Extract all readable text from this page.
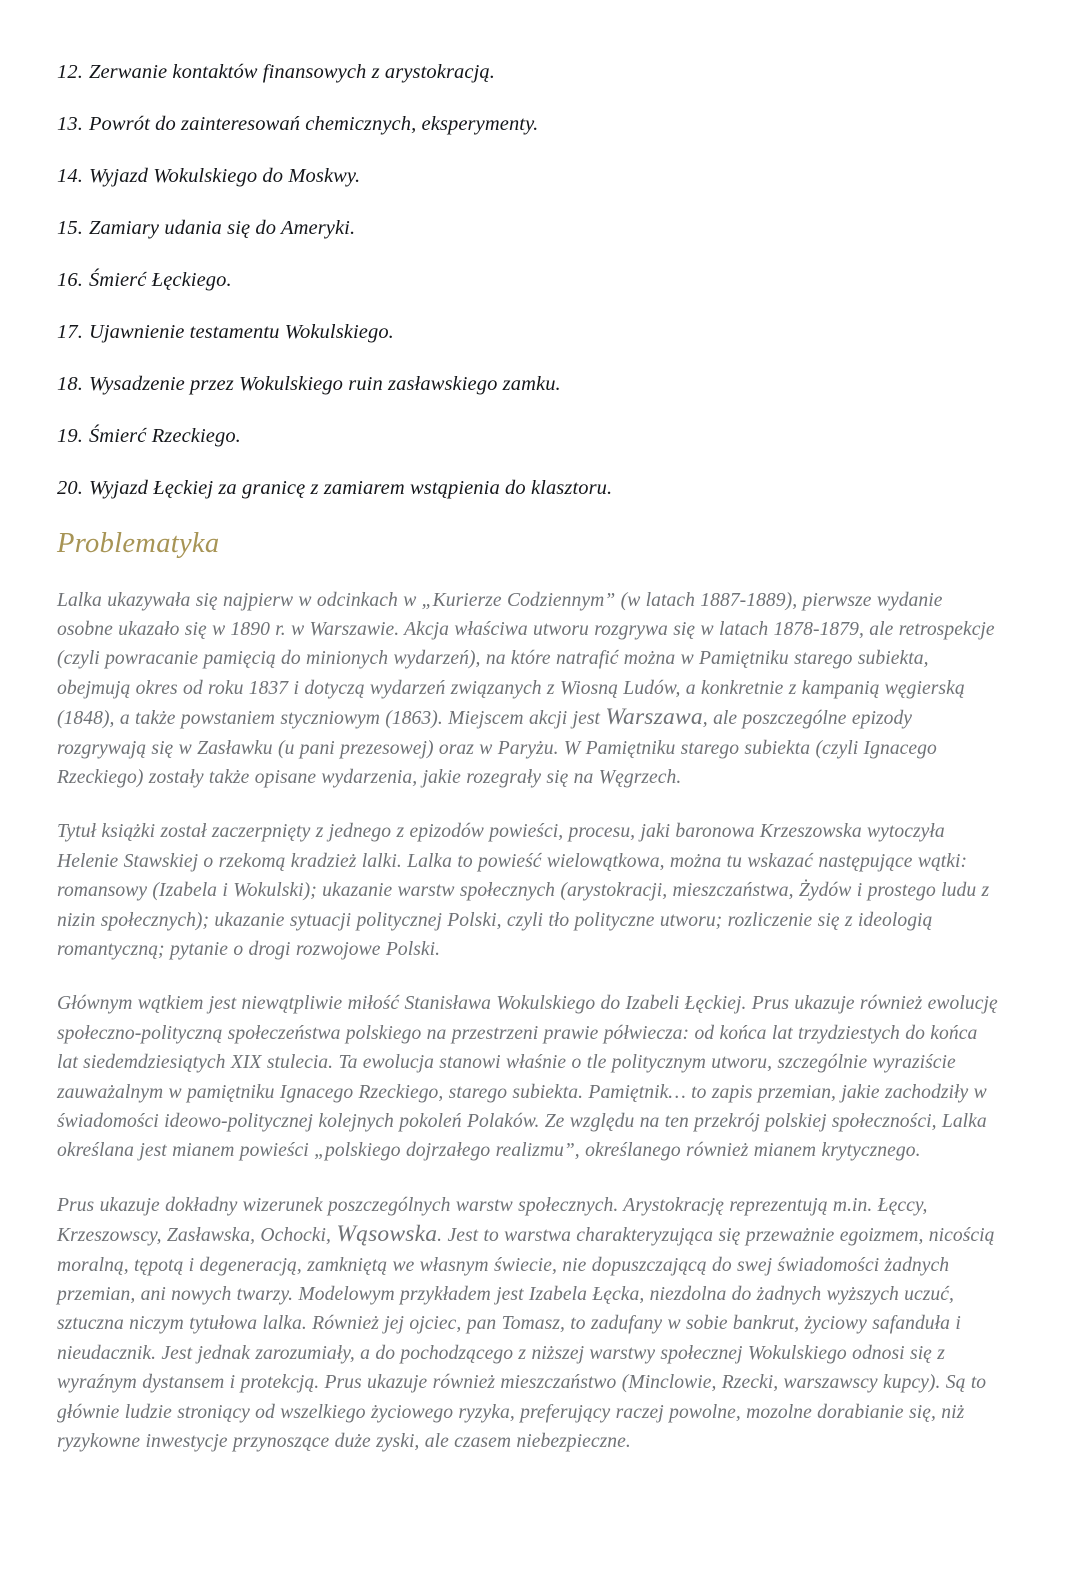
12. Zerwanie kontaktów finansowych z arystokracją.
13. Powrót do zainteresowań chemicznych, eksperymenty.
14. Wyjazd Wokulskiego do Moskwy.
15. Zamiary udania się do Ameryki.
16. Śmierć Łęckiego.
17. Ujawnienie testamentu Wokulskiego.
18. Wysadzenie przez Wokulskiego ruin zasławskiego zamku.
19. Śmierć Rzeckiego.
20. Wyjazd Łęckiej za granicę z zamiarem wstąpienia do klasztoru.
Problematyka

Lalka ukazywała się najpierw w odcinkach w „Kurierze Codziennym” (w latach 1887-1889), pierwsze wydanie osobne ukazało się w 1890 r. w Warszawie. Akcja właściwa utworu rozgrywa się w latach 1878-1879, ale retrospekcje (czyli powracanie pamięcią do minionych wydarzeń), na które natrafić można w Pamiętniku starego subiekta, obejmują okres od roku 1837 i dotyczą wydarzeń związanych z Wiosną Ludów, a konkretnie z kampanią węgierską (1848), a także powstaniem styczniowym (1863). Miejscem akcji jest Warszawa, ale poszczególne epizody rozgrywają się w Zasławku (u pani prezesowej) oraz w Paryżu. W Pamiętniku starego subiekta (czyli Ignacego Rzeckiego) zostały także opisane wydarzenia, jakie rozegrały się na Węgrzech.

Tytuł książki został zaczerpnięty z jednego z epizodów powieści, procesu, jaki baronowa Krzeszowska wytoczyła Helenie Stawskiej o rzekomą kradzież lalki. Lalka to powieść wielowątkowa, można tu wskazać następujące wątki: romansowy (Izabela i Wokulski); ukazanie warstw społecznych (arystokracji, mieszczaństwa, Żydów i prostego ludu z nizin społecznych); ukazanie sytuacji politycznej Polski, czyli tło polityczne utworu; rozliczenie się z ideologią romantyczną; pytanie o drogi rozwojowe Polski.

Głównym wątkiem jest niewątpliwie miłość Stanisława Wokulskiego do Izabeli Łęckiej. Prus ukazuje również ewolucję społeczno-polityczną społeczeństwa polskiego na przestrzeni prawie półwiecza: od końca lat trzydziestych do końca lat siedemdziesiątych XIX stulecia. Ta ewolucja stanowi właśnie o tle politycznym utworu, szczególnie wyraziście zauważalnym w pamiętniku Ignacego Rzeckiego, starego subiekta. Pamiętnik… to zapis przemian, jakie zachodziły w świadomości ideowo-politycznej kolejnych pokoleń Polaków. Ze względu na ten przekrój polskiej społeczności, Lalka określana jest mianem powieści „polskiego dojrzałego realizmu”, określanego również mianem krytycznego.

Prus ukazuje dokładny wizerunek poszczególnych warstw społecznych. Arystokrację reprezentują m.in. Łęccy, Krzeszowscy, Zasławska, Ochocki, Wąsowska. Jest to warstwa charakteryzująca się przeważnie egoizmem, nicością moralną, tępotą i degeneracją, zamkniętą we własnym świecie, nie dopuszczającą do swej świadomości żadnych przemian, ani nowych twarzy. Modelowym przykładem jest Izabela Łęcka, niezdolna do żadnych wyższych uczuć, sztuczna niczym tytułowa lalka. Również jej ojciec, pan Tomasz, to zadufany w sobie bankrut, życiowy safanduła i nieudacznik. Jest jednak zarozumiały, a do pochodzącego z niższej warstwy społecznej Wokulskiego odnosi się z wyraźnym dystansem i protekcją. Prus ukazuje również mieszczaństwo (Minclowie, Rzecki, warszawscy kupcy). Są to głównie ludzie stroniący od wszelkiego życiowego ryzyka, preferujący raczej powolne, mozolne dorabianie się, niż ryzykowne inwestycje przynoszące duże zyski, ale czasem niebezpieczne.
